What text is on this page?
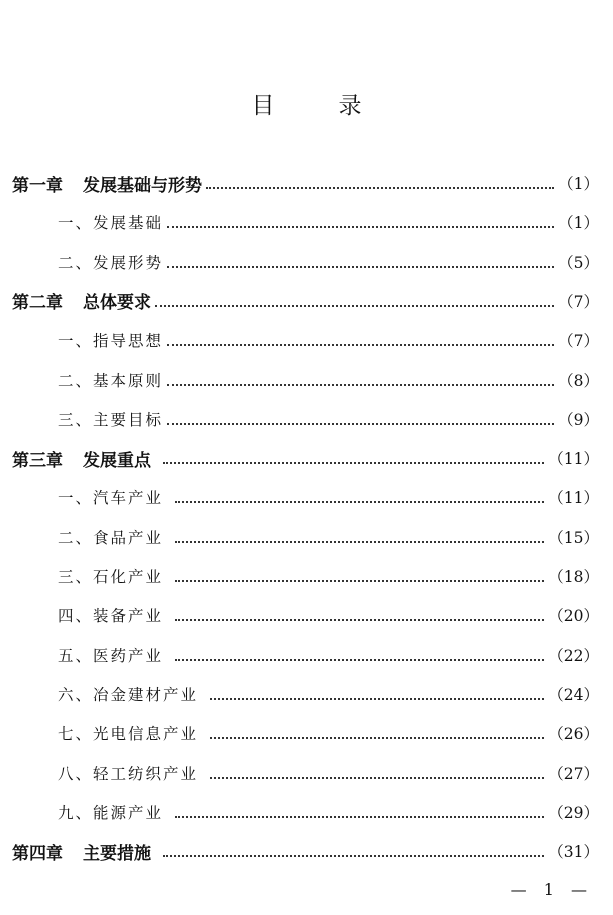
目	录
第一章 发展基础与形势	（1）
一、 发展基础	（1）
二、 发展形势	（5）
第二章 总体要求	（7）
一、 指导思想	（7）
二、 基本原则	（8）
三、 主要目标	（9）
第三章 发展重点	（11）
一、 汽车产业	（11）
二、 食品产业	（15）
三、 石化产业	（18）
四、 装备产业	（20）
五、 医药产业	（22）
六、 冶金建材产业	（24）
七、 光电信息产业	（26）
八、 轻工纺织产业	（27）
九、 能源产业	（29）
第四章 主要措施	（31）
— 1 —
